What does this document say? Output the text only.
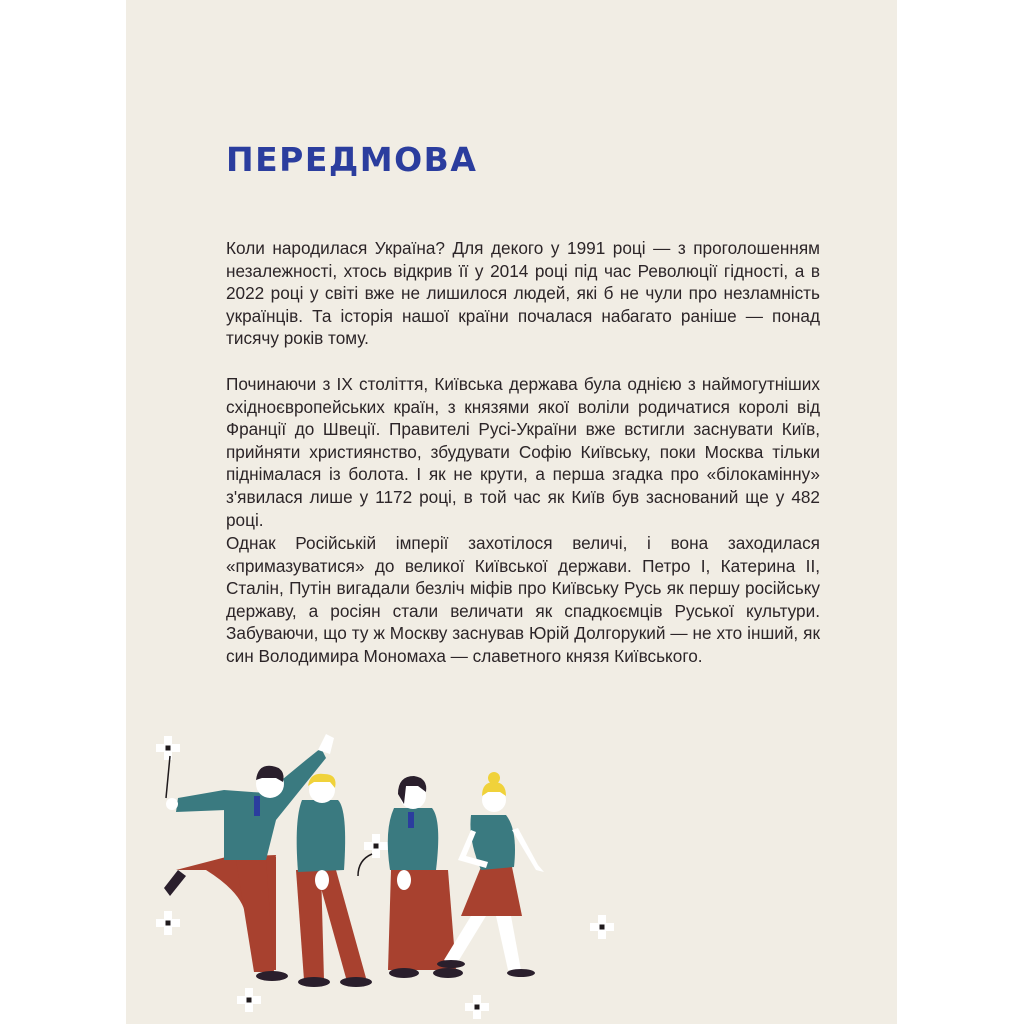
ПЕРЕДМОВА

Коли народилася Україна? Для декого у 1991 році — з проголошенням незалежності, хтось відкрив її у 2014 році під час Революції гідності, а в 2022 році у світі вже не лишилося людей, які б не чули про незламність українців. Та історія нашої країни почалася набагато раніше — понад тисячу років тому.

Починаючи з IX століття, Київська держава була однією з наймогутніших східноєвропейських країн, з князями якої воліли родичатися королі від Франції до Швеції. Правителі Русі-України вже встигли заснувати Київ, прийняти християнство, збудувати Софію Київську, поки Москва тільки піднімалася із болота. І як не крути, а перша згадка про «білокамінну» з'явилася лише у 1172 році, в той час як Київ був заснований ще у 482 році.

Однак Російській імперії захотілося величі, і вона заходилася «примазуватися» до великої Київської держави. Петро І, Катерина ІІ, Сталін, Путін вигадали безліч міфів про Київську Русь як першу російську державу, а росіян стали величати як спадкоємців Руської культури. Забуваючи, що ту ж Москву заснував Юрій Долгорукий — не хто інший, як син Володимира Мономаха — славетного князя Київського.
